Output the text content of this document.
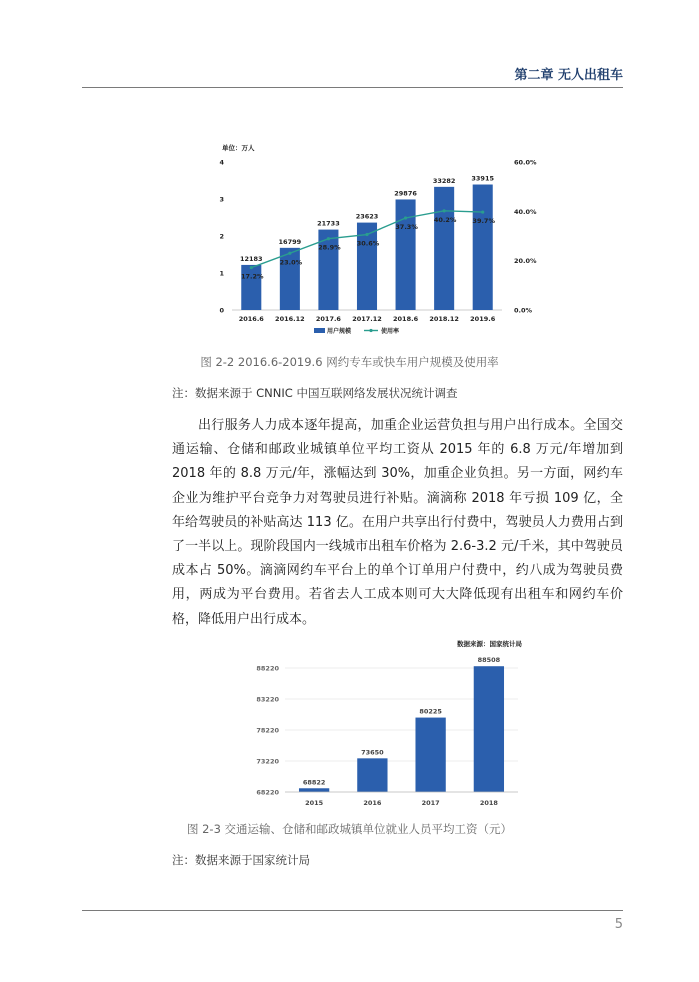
第二章 无人出租车
单位：万人
0
1
2
3
4
0.0%
20.0%
40.0%
60.0%
12183
2016.6
16799
2016.12
21733
2017.6
23623
2017.12
29876
2018.6
33282
2018.12
33915
2019.6
17.2%
23.0%
28.9%
30.6%
37.3%
40.2% 39.7%
用户规模	使用率
图 2-2 2016.6-2019.6 网约专车或快车用户规模及使用率
注：数据来源于 CNNIC 中国互联网络发展状况统计调查

出行服务人力成本逐年提高，加重企业运营负担与用户出行成本。全国交通运输、仓储和邮政业城镇单位平均工资从 2015 年的 6.8 万元/年增加到 2018 年的 8.8 万元/年，涨幅达到 30%，加重企业负担。另一方面，网约车企业为维护平台竞争力对驾驶员进行补贴。滴滴称 2018 年亏损 109 亿，全年给驾驶员的补贴高达 113 亿。在用户共享出行付费中，驾驶员人力费用占到了一半以上。现阶段国内一线城市出租车价格为 2.6-3.2 元/千米，其中驾驶员成本占 50%。滴滴网约车平台上的单个订单用户付费中，约八成为驾驶员费用，两成为平台费用。若省去人工成本则可大大降低现有出租车和网约车价格，降低用户出行成本。

数据来源：国家统计局
68220
73220
78220
83220
88220
68822
2015
73650
2016
80225
2017
88508
2018
图 2-3 交通运输、仓储和邮政城镇单位就业人员平均工资（元）
注：数据来源于国家统计局
5
